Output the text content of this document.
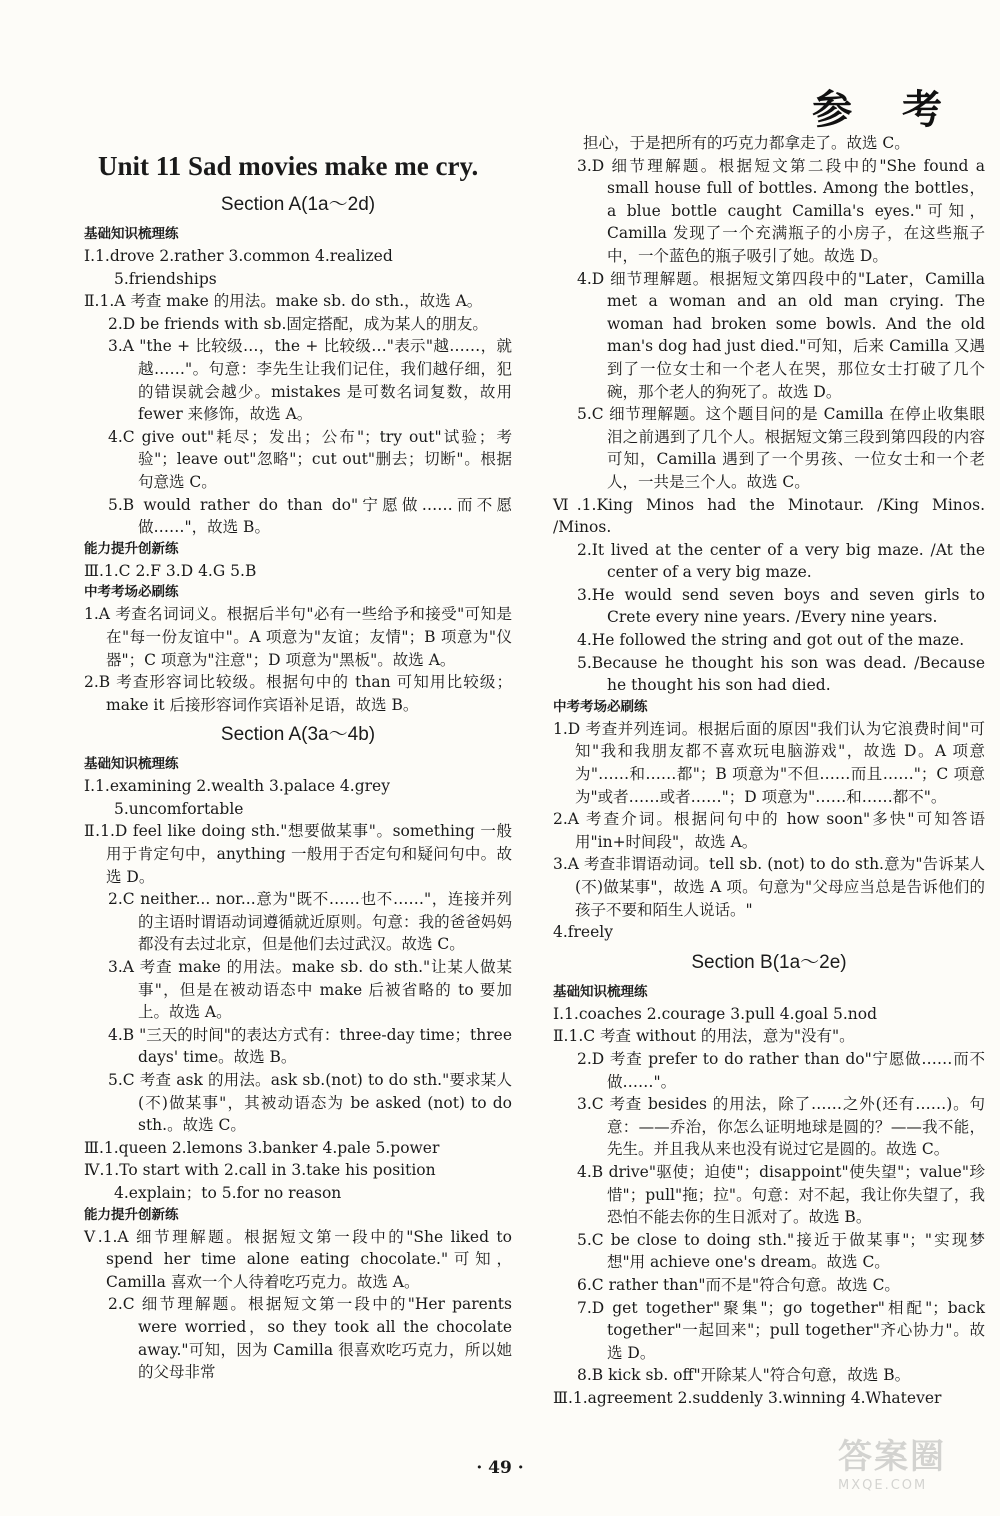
参 考
Unit 11 Sad movies make me cry.
Section A(1a～2d)
基础知识梳理练
Ⅰ.1.drove 2.rather 3.common 4.realized
5.friendships
Ⅱ.1.A 考查 make 的用法。make sb. do sth.，故选 A。
2.D be friends with sb.固定搭配，成为某人的朋友。
3.A "the + 比较级…，the + 比较级…"表示"越……，就越……"。句意：李先生让我们记住，我们越仔细，犯的错误就会越少。mistakes 是可数名词复数，故用 fewer 来修饰，故选 A。
4.C give out"耗尽；发出；公布"；try out"试验；考验"；leave out"忽略"；cut out"删去；切断"。根据句意选 C。
5.B would rather do than do"宁愿做……而不愿做……"，故选 B。
能力提升创新练
Ⅲ.1.C 2.F 3.D 4.G 5.B
中考考场必刷练
1.A 考查名词词义。根据后半句"必有一些给予和接受"可知是在"每一份友谊中"。A 项意为"友谊；友情"；B 项意为"仪器"；C 项意为"注意"；D 项意为"黑板"。故选 A。
2.B 考查形容词比较级。根据句中的 than 可知用比较级；make it 后接形容词作宾语补足语，故选 B。
Section A(3a～4b)
基础知识梳理练
Ⅰ.1.examining 2.wealth 3.palace 4.grey
5.uncomfortable
Ⅱ.1.D feel like doing sth."想要做某事"。something 一般用于肯定句中，anything 一般用于否定句和疑问句中。故选 D。
2.C neither... nor...意为"既不……也不……"，连接并列的主语时谓语动词遵循就近原则。句意：我的爸爸妈妈都没有去过北京，但是他们去过武汉。故选 C。
3.A 考查 make 的用法。make sb. do sth."让某人做某事"，但是在被动语态中 make 后被省略的 to 要加上。故选 A。
4.B "三天的时间"的表达方式有：three-day time；three days' time。故选 B。
5.C 考查 ask 的用法。ask sb.(not) to do sth."要求某人(不)做某事"，其被动语态为 be asked (not) to do sth.。故选 C。
Ⅲ.1.queen 2.lemons 3.banker 4.pale 5.power
Ⅳ.1.To start with 2.call in 3.take his position
4.explain；to 5.for no reason
能力提升创新练
Ⅴ.1.A 细节理解题。根据短文第一段中的"She liked to spend her time alone eating chocolate."可知，Camilla 喜欢一个人待着吃巧克力。故选 A。
2.C 细节理解题。根据短文第一段中的"Her parents were worried，so they took all the chocolate away."可知，因为 Camilla 很喜欢吃巧克力，所以她的父母非常
担心，于是把所有的巧克力都拿走了。故选 C。
3.D 细节理解题。根据短文第二段中的"She found a small house full of bottles. Among the bottles，a blue bottle caught Camilla's eyes."可知，Camilla 发现了一个充满瓶子的小房子，在这些瓶子中，一个蓝色的瓶子吸引了她。故选 D。
4.D 细节理解题。根据短文第四段中的"Later，Camilla met a woman and an old man crying. The woman had broken some bowls. And the old man's dog had just died."可知，后来 Camilla 又遇到了一位女士和一个老人在哭，那位女士打破了几个碗，那个老人的狗死了。故选 D。
5.C 细节理解题。这个题目问的是 Camilla 在停止收集眼泪之前遇到了几个人。根据短文第三段到第四段的内容可知，Camilla 遇到了一个男孩、一位女士和一个老人，一共是三个人。故选 C。
Ⅵ.1.King Minos had the Minotaur. /King Minos. /Minos.
2.It lived at the center of a very big maze. /At the center of a very big maze.
3.He would send seven boys and seven girls to Crete every nine years. /Every nine years.
4.He followed the string and got out of the maze.
5.Because he thought his son was dead. /Because he thought his son had died.
中考考场必刷练
1.D 考查并列连词。根据后面的原因"我们认为它浪费时间"可知"我和我朋友都不喜欢玩电脑游戏"，故选 D。A 项意为"……和……都"；B 项意为"不但……而且……"；C 项意为"或者……或者……"；D 项意为"……和……都不"。
2.A 考查介词。根据问句中的 how soon"多快"可知答语用"in+时间段"，故选 A。
3.A 考查非谓语动词。tell sb. (not) to do sth.意为"告诉某人(不)做某事"，故选 A 项。句意为"父母应当总是告诉他们的孩子不要和陌生人说话。"
4.freely
Section B(1a～2e)
基础知识梳理练
Ⅰ.1.coaches 2.courage 3.pull 4.goal 5.nod
Ⅱ.1.C 考查 without 的用法，意为"没有"。
2.D 考查 prefer to do rather than do"宁愿做……而不做……"。
3.C 考查 besides 的用法，除了……之外(还有……)。句意：——乔治，你怎么证明地球是圆的？——我不能，先生。并且我从来也没有说过它是圆的。故选 C。
4.B drive"驱使；迫使"；disappoint"使失望"；value"珍惜"；pull"拖；拉"。句意：对不起，我让你失望了，我恐怕不能去你的生日派对了。故选 B。
5.C be close to doing sth."接近于做某事"；"实现梦想"用 achieve one's dream。故选 C。
6.C rather than"而不是"符合句意。故选 C。
7.D get together"聚集"；go together"相配"；back together"一起回来"；pull together"齐心协力"。故选 D。
8.B kick sb. off"开除某人"符合句意，故选 B。
Ⅲ.1.agreement 2.suddenly 3.winning 4.Whatever
· 49 ·	答案圈
MXQE.COM
